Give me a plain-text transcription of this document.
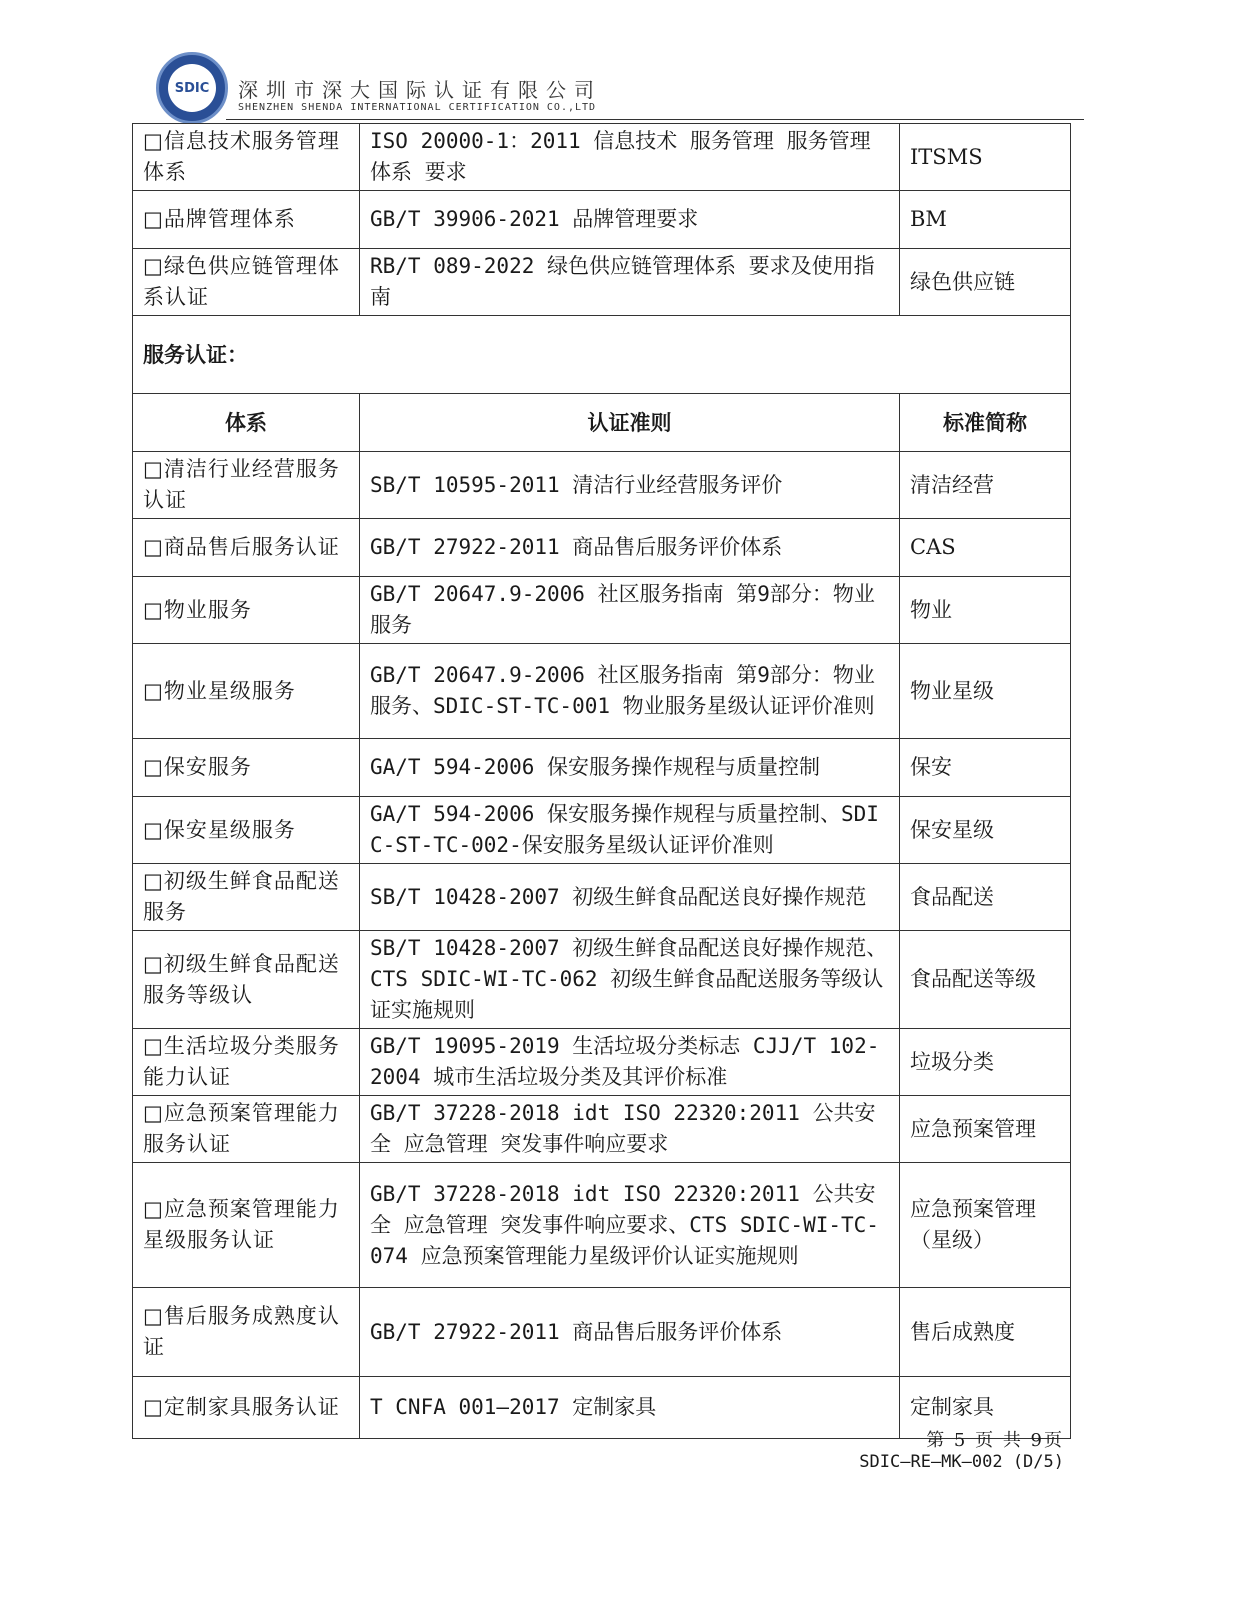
SDIC	深圳市深大国际认证有限公司
SHENZHEN SHENDA INTERNATIONAL CERTIFICATION CO.,LTD
□信息技术服务管理体系	ISO 20000-1：2011 信息技术 服务管理 服务管理体系 要求	ITSMS
□品牌管理体系	GB/T 39906-2021 品牌管理要求	BM
□绿色供应链管理体系认证	RB/T 089-2022 绿色供应链管理体系 要求及使用指南	绿色供应链
服务认证：		
体系	认证准则	标准简称
□清洁行业经营服务认证	SB/T 10595-2011 清洁行业经营服务评价	清洁经营
□商品售后服务认证	GB/T 27922-2011 商品售后服务评价体系	CAS
□物业服务	GB/T 20647.9-2006 社区服务指南 第9部分：物业服务	物业
□物业星级服务	GB/T 20647.9-2006 社区服务指南 第9部分：物业服务、SDIC-ST-TC-001 物业服务星级认证评价准则	物业星级
□保安服务	GA/T 594-2006 保安服务操作规程与质量控制	保安
□保安星级服务	GA/T 594-2006 保安服务操作规程与质量控制、SDIC-ST-TC-002-保安服务星级认证评价准则	保安星级
□初级生鲜食品配送服务	SB/T 10428-2007 初级生鲜食品配送良好操作规范	食品配送
□初级生鲜食品配送服务等级认	SB/T 10428-2007 初级生鲜食品配送良好操作规范、CTS SDIC-WI-TC-062 初级生鲜食品配送服务等级认证实施规则	食品配送等级
□生活垃圾分类服务能力认证	GB/T 19095-2019 生活垃圾分类标志 CJJ/T 102-2004 城市生活垃圾分类及其评价标准	垃圾分类
□应急预案管理能力服务认证	GB/T 37228-2018 idt ISO 22320:2011 公共安全 应急管理 突发事件响应要求	应急预案管理
□应急预案管理能力星级服务认证	GB/T 37228-2018 idt ISO 22320:2011 公共安全 应急管理 突发事件响应要求、CTS SDIC-WI-TC-074 应急预案管理能力星级评价认证实施规则	应急预案管理（星级）
□售后服务成熟度认证	GB/T 27922-2011 商品售后服务评价体系	售后成熟度
□定制家具服务认证	T CNFA 001—2017 定制家具	定制家具
第 5 页 共 9页
SDIC—RE—MK—002 (D/5)
